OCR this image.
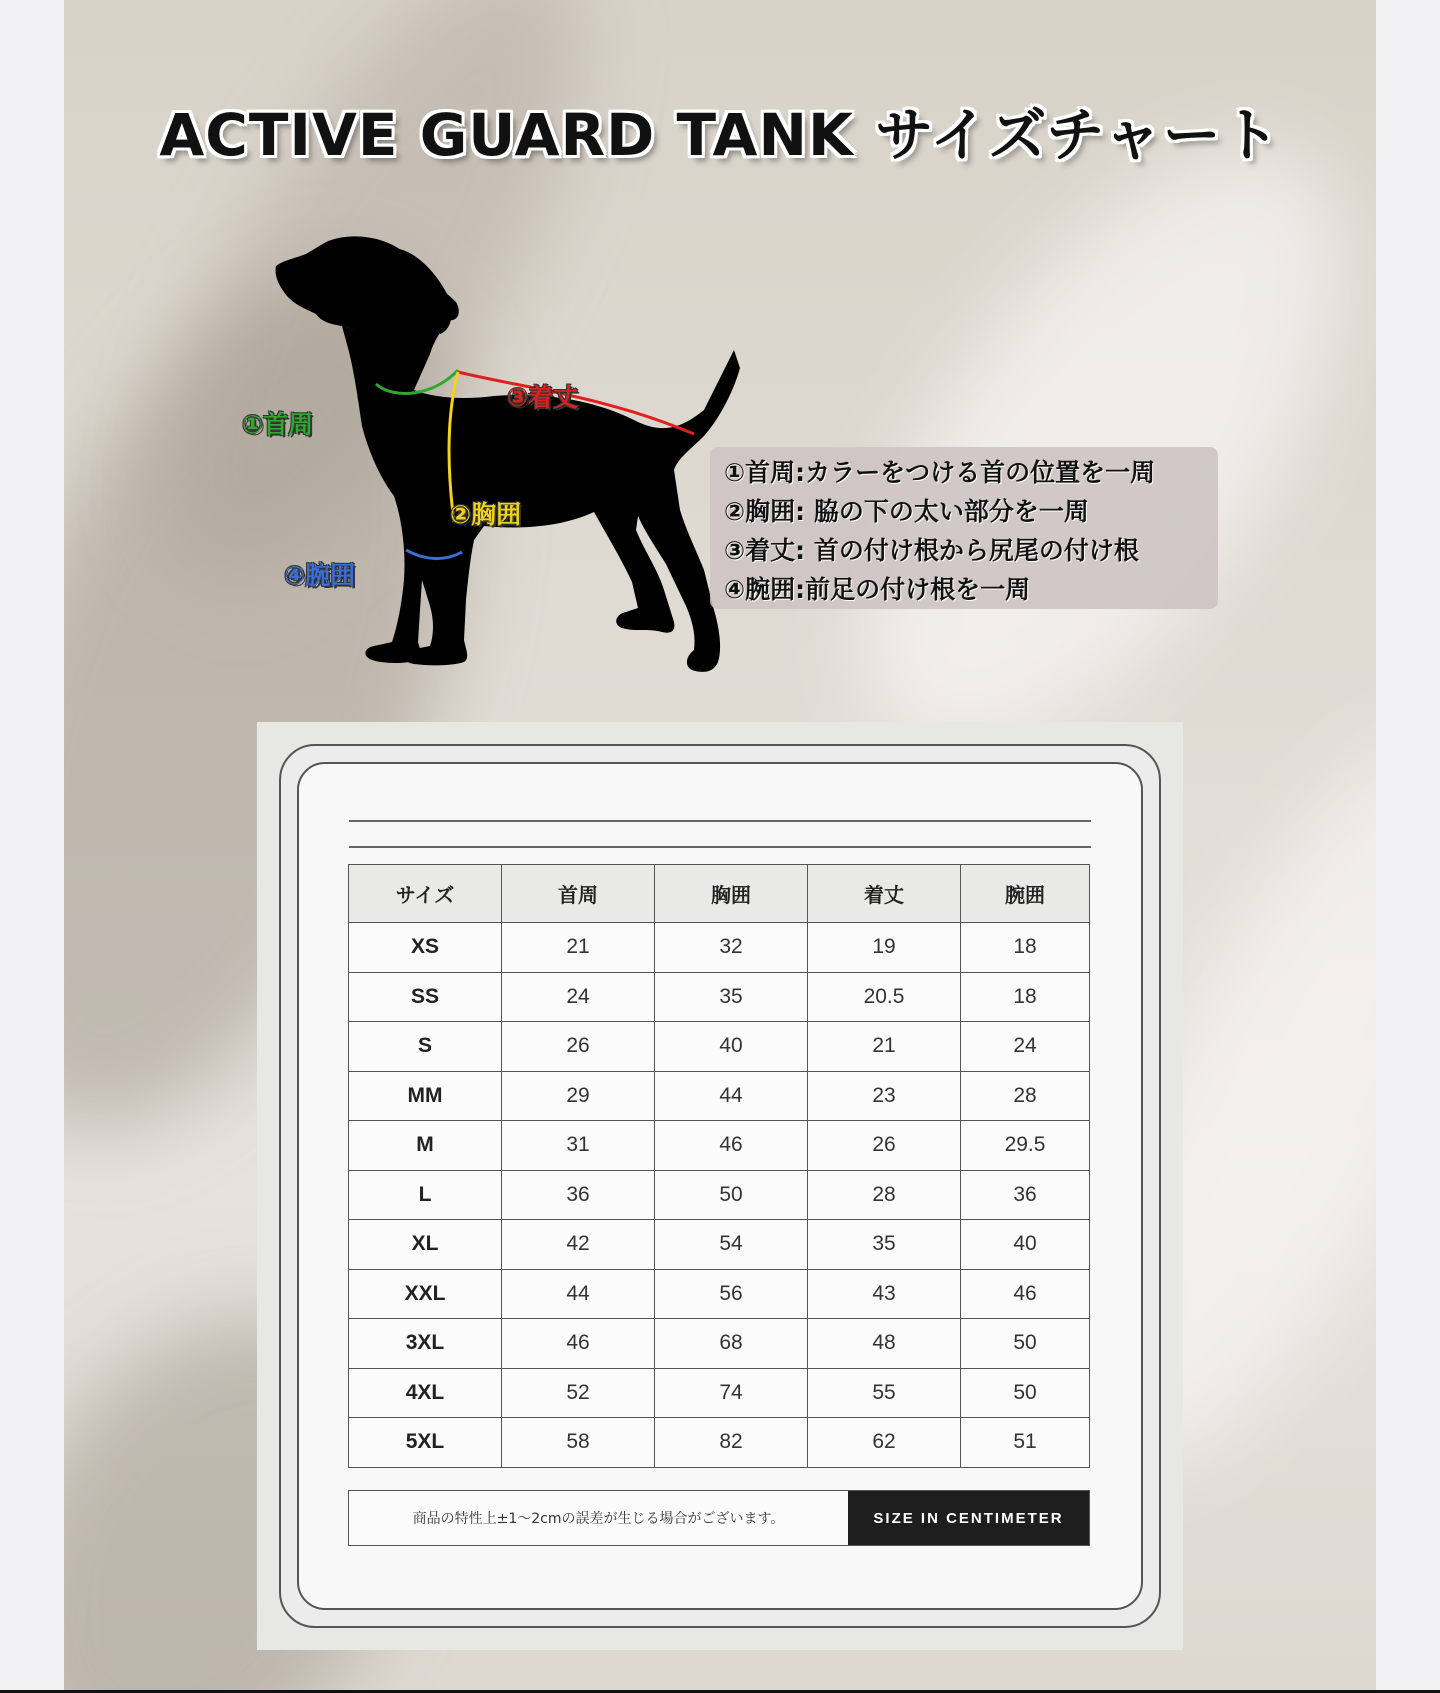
ACTIVE GUARD TANK サイズチャート
①首周
③着丈
②胸囲
④腕囲
①首周:カラーをつける首の位置を一周
②胸囲: 脇の下の太い部分を一周
③着丈: 首の付け根から尻尾の付け根
④腕囲:前足の付け根を一周
サイズ	首周	胸囲	着丈	腕囲
XS	21	32	19	18
SS	24	35	20.5	18
S	26	40	21	24
MM	29	44	23	28
M	31	46	26	29.5
L	36	50	28	36
XL	42	54	35	40
XXL	44	56	43	46
3XL	46	68	48	50
4XL	52	74	55	50
5XL	58	82	62	51
商品の特性上±1〜2cmの誤差が生じる場合がございます。	SIZE IN CENTIMETER
